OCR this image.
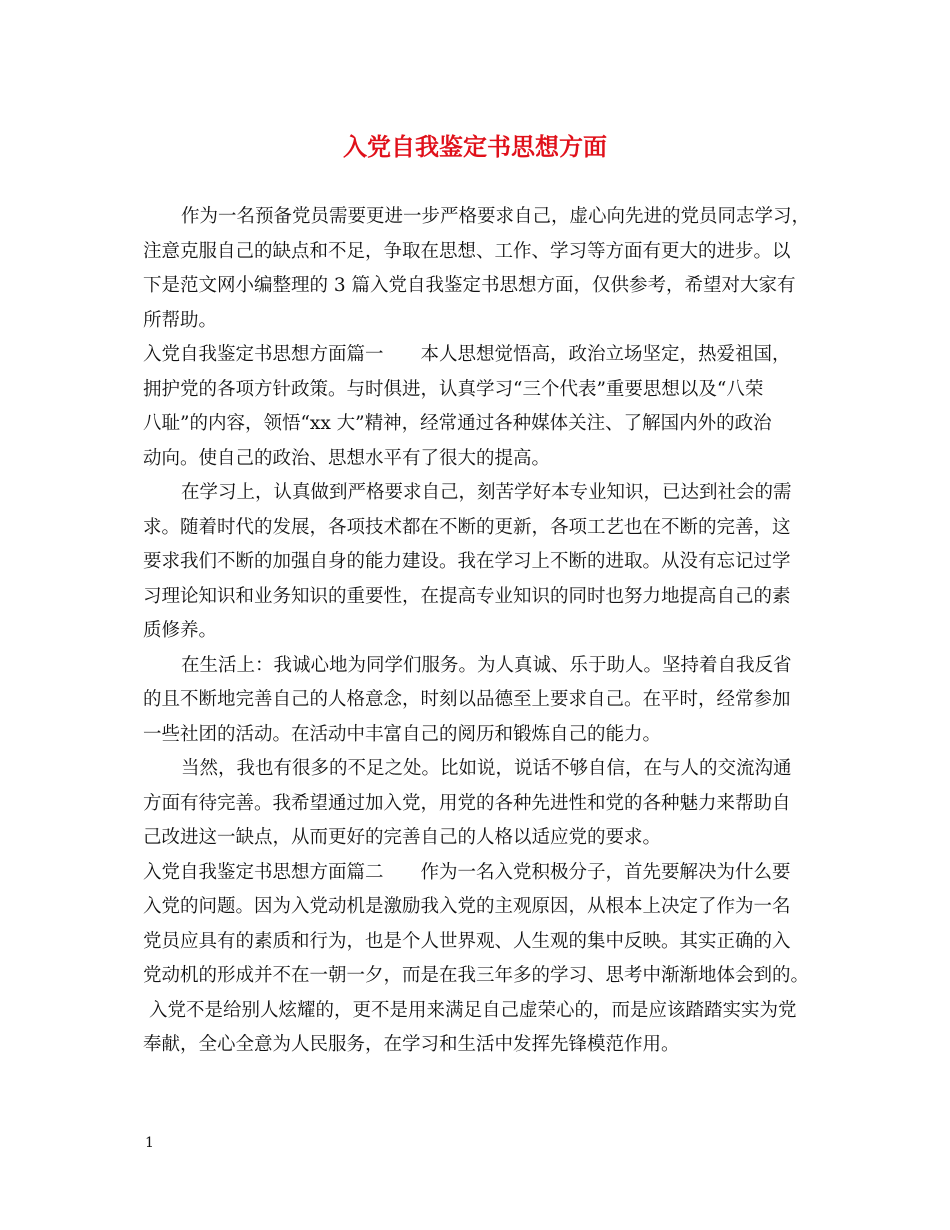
入党自我鉴定书思想方面
作为一名预备党员需要更进一步严格要求自己，虚心向先进的党员同志学习，
注意克服自己的缺点和不足，争取在思想、工作、学习等方面有更大的进步。以
下是范文网小编整理的 3 篇入党自我鉴定书思想方面，仅供参考，希望对大家有
所帮助。
入党自我鉴定书思想方面篇一　　本人思想觉悟高，政治立场坚定，热爱祖国，
拥护党的各项方针政策。与时俱进，认真学习“三个代表”重要思想以及“八荣
八耻”的内容，领悟“xx 大”精神，经常通过各种媒体关注、了解国内外的政治
动向。使自己的政治、思想水平有了很大的提高。
在学习上，认真做到严格要求自己，刻苦学好本专业知识，已达到社会的需
求。随着时代的发展，各项技术都在不断的更新，各项工艺也在不断的完善，这
要求我们不断的加强自身的能力建设。我在学习上不断的进取。从没有忘记过学
习理论知识和业务知识的重要性，在提高专业知识的同时也努力地提高自己的素
质修养。
在生活上：我诚心地为同学们服务。为人真诚、乐于助人。坚持着自我反省
的且不断地完善自己的人格意念，时刻以品德至上要求自己。在平时，经常参加
一些社团的活动。在活动中丰富自己的阅历和锻炼自己的能力。
当然，我也有很多的不足之处。比如说，说话不够自信，在与人的交流沟通
方面有待完善。我希望通过加入党，用党的各种先进性和党的各种魅力来帮助自
己改进这一缺点，从而更好的完善自己的人格以适应党的要求。
入党自我鉴定书思想方面篇二　　作为一名入党积极分子，首先要解决为什么要
入党的问题。因为入党动机是激励我入党的主观原因，从根本上决定了作为一名
党员应具有的素质和行为，也是个人世界观、人生观的集中反映。其实正确的入
党动机的形成并不在一朝一夕，而是在我三年多的学习、思考中渐渐地体会到的。
入党不是给别人炫耀的，更不是用来满足自己虚荣心的，而是应该踏踏实实为党
奉献，全心全意为人民服务，在学习和生活中发挥先锋模范作用。
1
